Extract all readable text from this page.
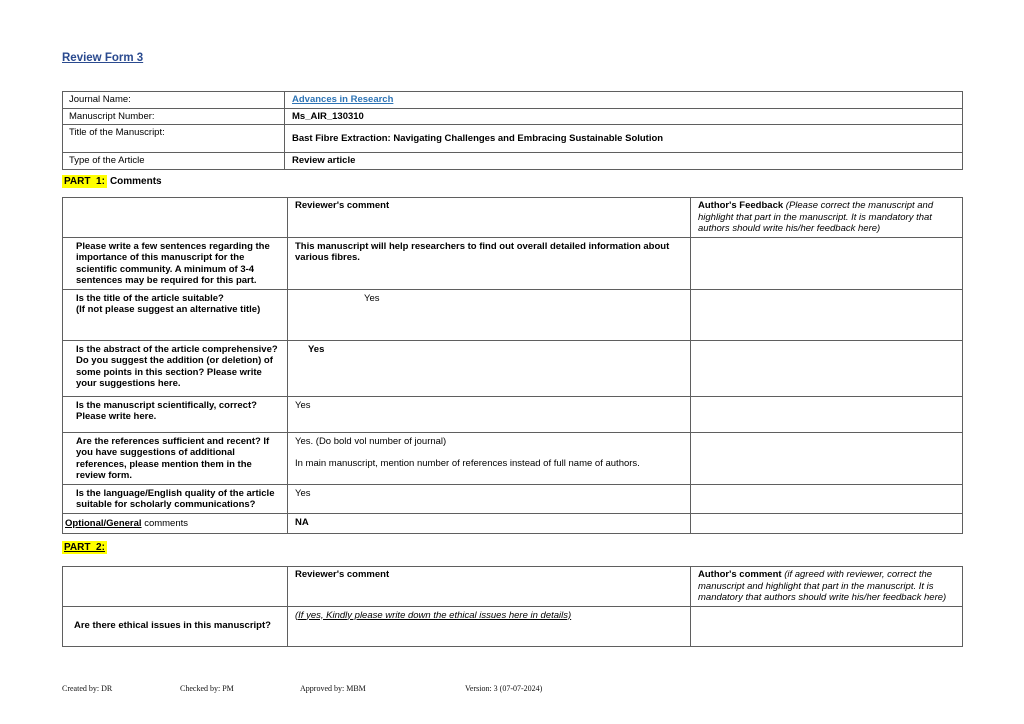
Review Form 3
Journal Name:	Advances in Research
Manuscript Number:	Ms_AIR_130310
Title of the Manuscript:	Bast Fibre Extraction: Navigating Challenges and Embracing Sustainable Solution
Type of the Article	Review article
PART  1: Comments
	Reviewer's comment	Author's Feedback (Please correct the manuscript and highlight that part in the manuscript. It is mandatory that authors should write his/her feedback here)
Please write a few sentences regarding the importance of this manuscript for the scientific community. A minimum of 3-4 sentences may be required for this part.	This manuscript will help researchers to find out overall detailed information about various fibres.	

Is the title of the article suitable?
(If not please suggest an alternative title)	Yes	
Is the abstract of the article comprehensive? Do you suggest the addition (or deletion) of some points in this section? Please write your suggestions here.	Yes	
Is the manuscript scientifically, correct? Please write here.	Yes	
Are the references sufficient and recent? If you have suggestions of additional references, please mention them in the review form.	Yes. (Do bold vol number of journal)
In main manuscript, mention number of references instead of full name of authors.	

Is the language/English quality of the article suitable for scholarly communications?	Yes	
Optional/General comments	NA	
PART  2:
	Reviewer's comment	Author's comment (if agreed with reviewer, correct the manuscript and highlight that part in the manuscript. It is mandatory that authors should write his/her feedback here)
Are there ethical issues in this manuscript?	(If yes, Kindly please write down the ethical issues here in details)	
Created by: DR	Checked by: PM	Approved by: MBM	Version: 3 (07-07-2024)
